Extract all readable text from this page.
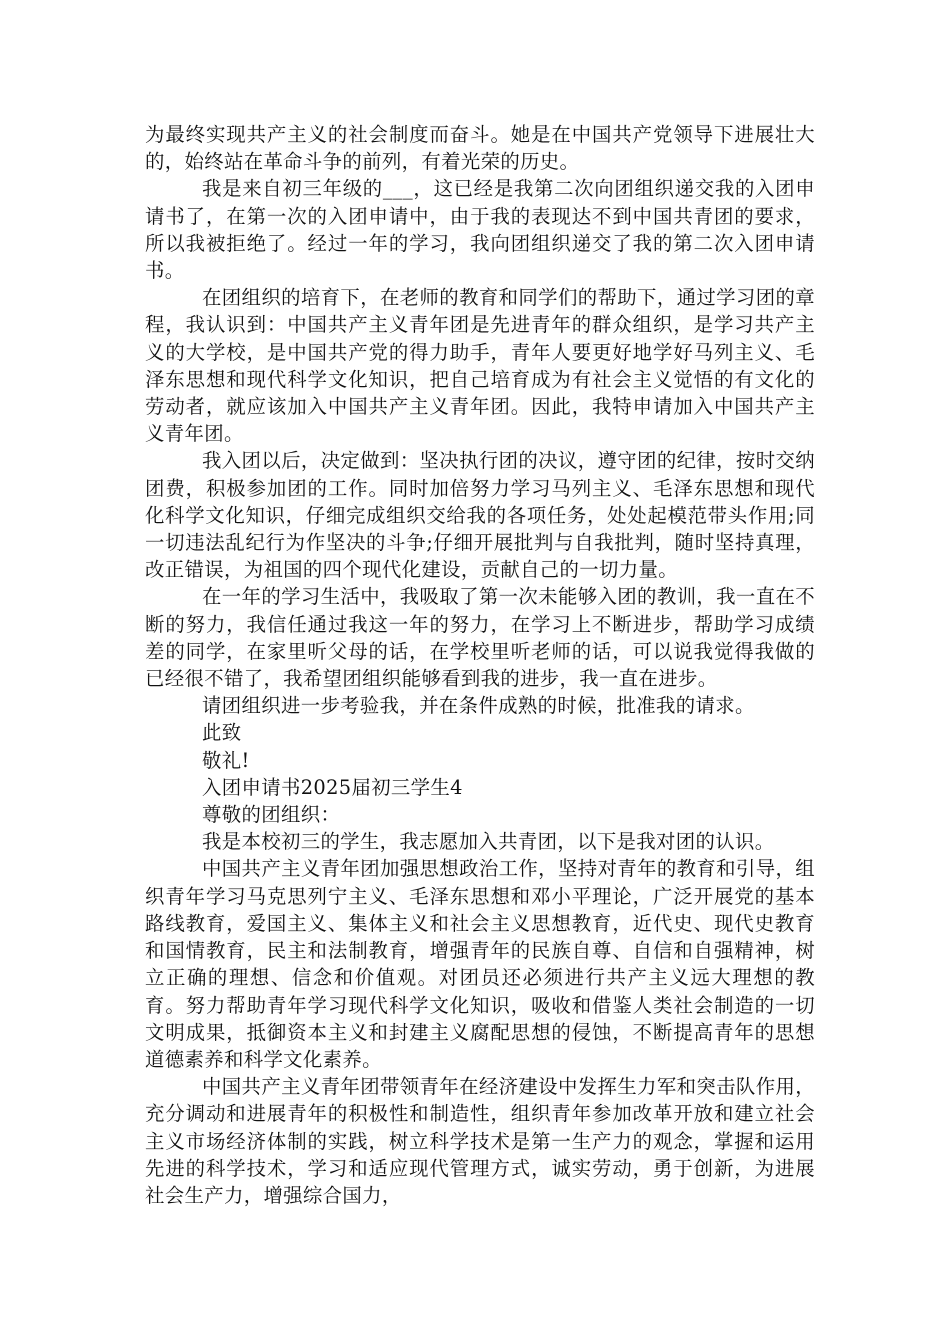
为最终实现共产主义的社会制度而奋斗。她是在中国共产党领导下进展壮大的，始终站在革命斗争的前列，有着光荣的历史。

我是来自初三年级的___，这已经是我第二次向团组织递交我的入团申请书了，在第一次的入团申请中，由于我的表现达不到中国共青团的要求，所以我被拒绝了。经过一年的学习，我向团组织递交了我的第二次入团申请书。

在团组织的培育下，在老师的教育和同学们的帮助下，通过学习团的章程，我认识到：中国共产主义青年团是先进青年的群众组织，是学习共产主义的大学校，是中国共产党的得力助手，青年人要更好地学好马列主义、毛泽东思想和现代科学文化知识，把自己培育成为有社会主义觉悟的有文化的劳动者，就应该加入中国共产主义青年团。因此，我特申请加入中国共产主义青年团。

我入团以后，决定做到：坚决执行团的决议，遵守团的纪律，按时交纳团费，积极参加团的工作。同时加倍努力学习马列主义、毛泽东思想和现代化科学文化知识，仔细完成组织交给我的各项任务，处处起模范带头作用;同一切违法乱纪行为作坚决的斗争;仔细开展批判与自我批判，随时坚持真理，改正错误，为祖国的四个现代化建设，贡献自己的一切力量。

在一年的学习生活中，我吸取了第一次未能够入团的教训，我一直在不断的努力，我信任通过我这一年的努力，在学习上不断进步，帮助学习成绩差的同学，在家里听父母的话，在学校里听老师的话，可以说我觉得我做的已经很不错了，我希望团组织能够看到我的进步，我一直在进步。

请团组织进一步考验我，并在条件成熟的时候，批准我的请求。

此致

敬礼!

入团申请书2025届初三学生4

尊敬的团组织：

我是本校初三的学生，我志愿加入共青团，以下是我对团的认识。

中国共产主义青年团加强思想政治工作，坚持对青年的教育和引导，组织青年学习马克思列宁主义、毛泽东思想和邓小平理论，广泛开展党的基本路线教育，爱国主义、集体主义和社会主义思想教育，近代史、现代史教育和国情教育，民主和法制教育，增强青年的民族自尊、自信和自强精神，树立正确的理想、信念和价值观。对团员还必须进行共产主义远大理想的教育。努力帮助青年学习现代科学文化知识，吸收和借鉴人类社会制造的一切文明成果，抵御资本主义和封建主义腐配思想的侵蚀，不断提高青年的思想道德素养和科学文化素养。

中国共产主义青年团带领青年在经济建设中发挥生力军和突击队作用，充分调动和进展青年的积极性和制造性，组织青年参加改革开放和建立社会主义市场经济体制的实践，树立科学技术是第一生产力的观念，掌握和运用先进的科学技术，学习和适应现代管理方式，诚实劳动，勇于创新，为进展社会生产力，增强综合国力，
